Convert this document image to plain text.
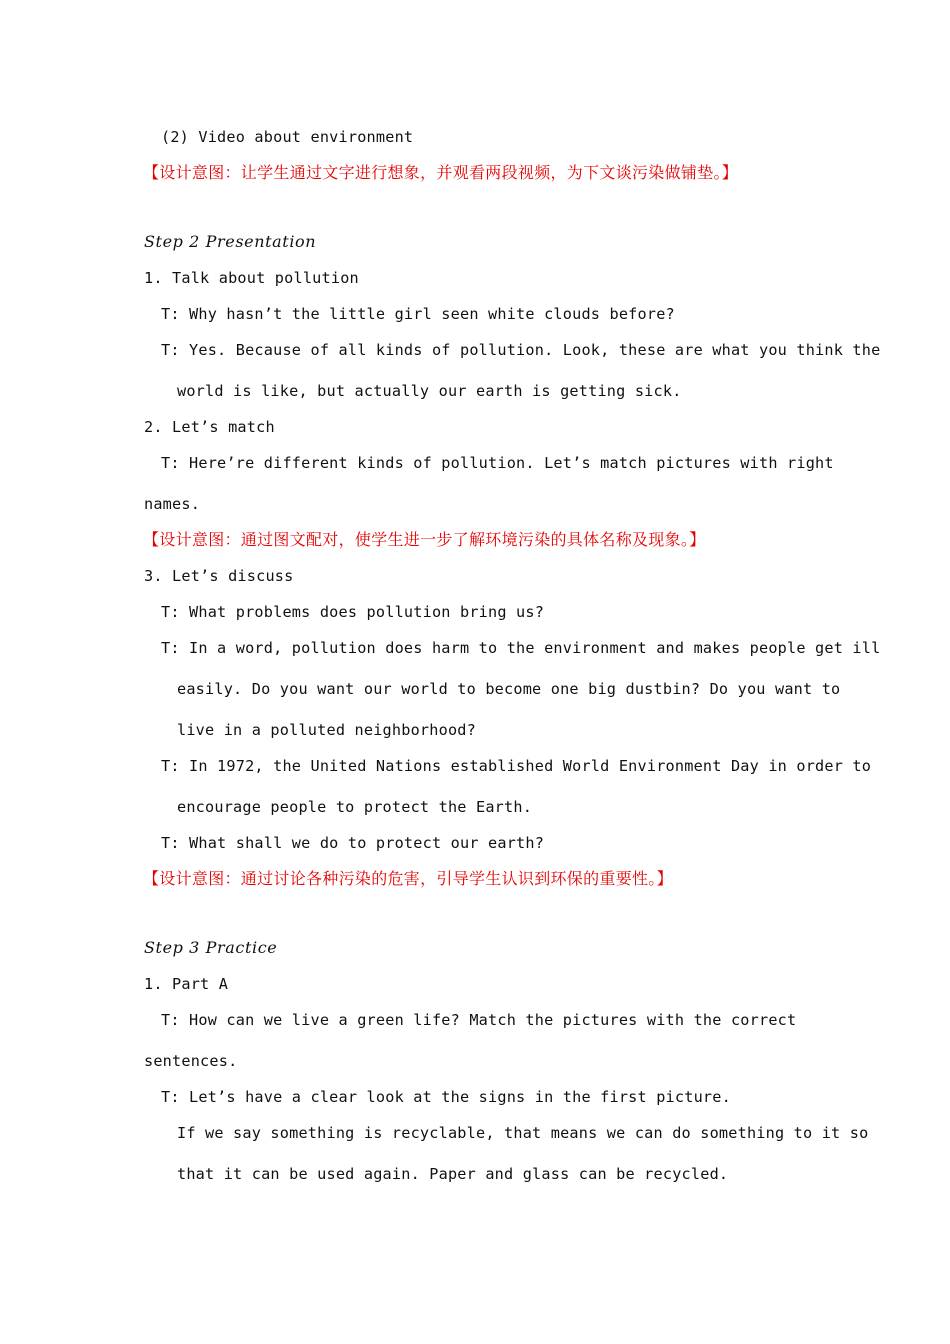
(2) Video about environment
【设计意图：让学生通过文字进行想象，并观看两段视频，为下文谈污染做铺垫。】
Step 2 Presentation
1. Talk about pollution
T: Why hasn’t the little girl seen white clouds before?
T: Yes. Because of all kinds of pollution. Look, these are what you think the
world is like, but actually our earth is getting sick.
2. Let’s match
T: Here’re different kinds of pollution. Let’s match pictures with right
names.
【设计意图：通过图文配对，使学生进一步了解环境污染的具体名称及现象。】
3. Let’s discuss
T: What problems does pollution bring us?
T: In a word, pollution does harm to the environment and makes people get ill
easily. Do you want our world to become one big dustbin? Do you want to
live in a polluted neighborhood?
T: In 1972, the United Nations established World Environment Day in order to
encourage people to protect the Earth.
T: What shall we do to protect our earth?
【设计意图：通过讨论各种污染的危害，引导学生认识到环保的重要性。】
Step 3 Practice
1. Part A
T: How can we live a green life? Match the pictures with the correct
sentences.
T: Let’s have a clear look at the signs in the first picture.
If we say something is recyclable, that means we can do something to it so
that it can be used again. Paper and glass can be recycled.
